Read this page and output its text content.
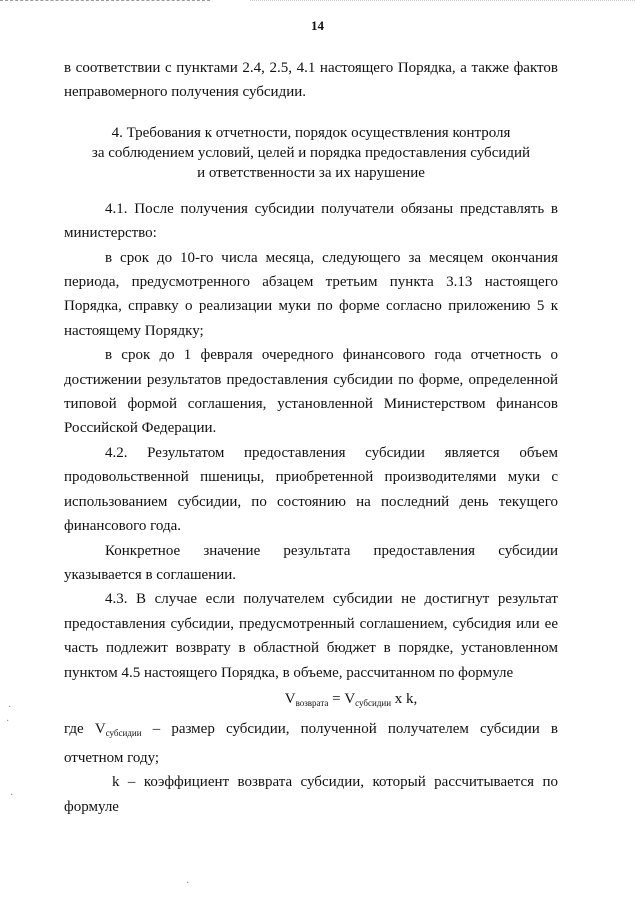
14

в соответствии с пунктами 2.4, 2.5, 4.1 настоящего Порядка, а также фактов неправомерного получения субсидии.

4. Требования к отчетности, порядок осуществления контроля
за соблюдением условий, целей и порядка предоставления субсидий
и ответственности за их нарушение

4.1. После получения субсидии получатели обязаны представлять в министерство:

в срок до 10-го числа месяца, следующего за месяцем окончания периода, предусмотренного абзацем третьим пункта 3.13 настоящего Порядка, справку о реализации муки по форме согласно приложению 5 к настоящему Порядку;

в срок до 1 февраля очередного финансового года отчетность о достижении результатов предоставления субсидии по форме, определенной типовой формой соглашения, установленной Министерством финансов Российской Федерации.

4.2. Результатом предоставления субсидии является объем продовольственной пшеницы, приобретенной производителями муки с использованием субсидии, по состоянию на последний день текущего финансового года.

Конкретное значение результата предоставления субсидии указывается в соглашении.

4.3. В случае если получателем субсидии не достигнут результат предоставления субсидии, предусмотренный соглашением, субсидия или ее часть подлежит возврату в областной бюджет в порядке, установленном пунктом 4.5 настоящего Порядка, в объеме, рассчитанном по формуле

$V_{возврата} = V_{субсидии}$ x k,

где $V_{субсидии}$ – размер субсидии, полученной получателем субсидии в отчетном году;

k – коэффициент возврата субсидии, который рассчитывается по формуле

·
·
·
·
